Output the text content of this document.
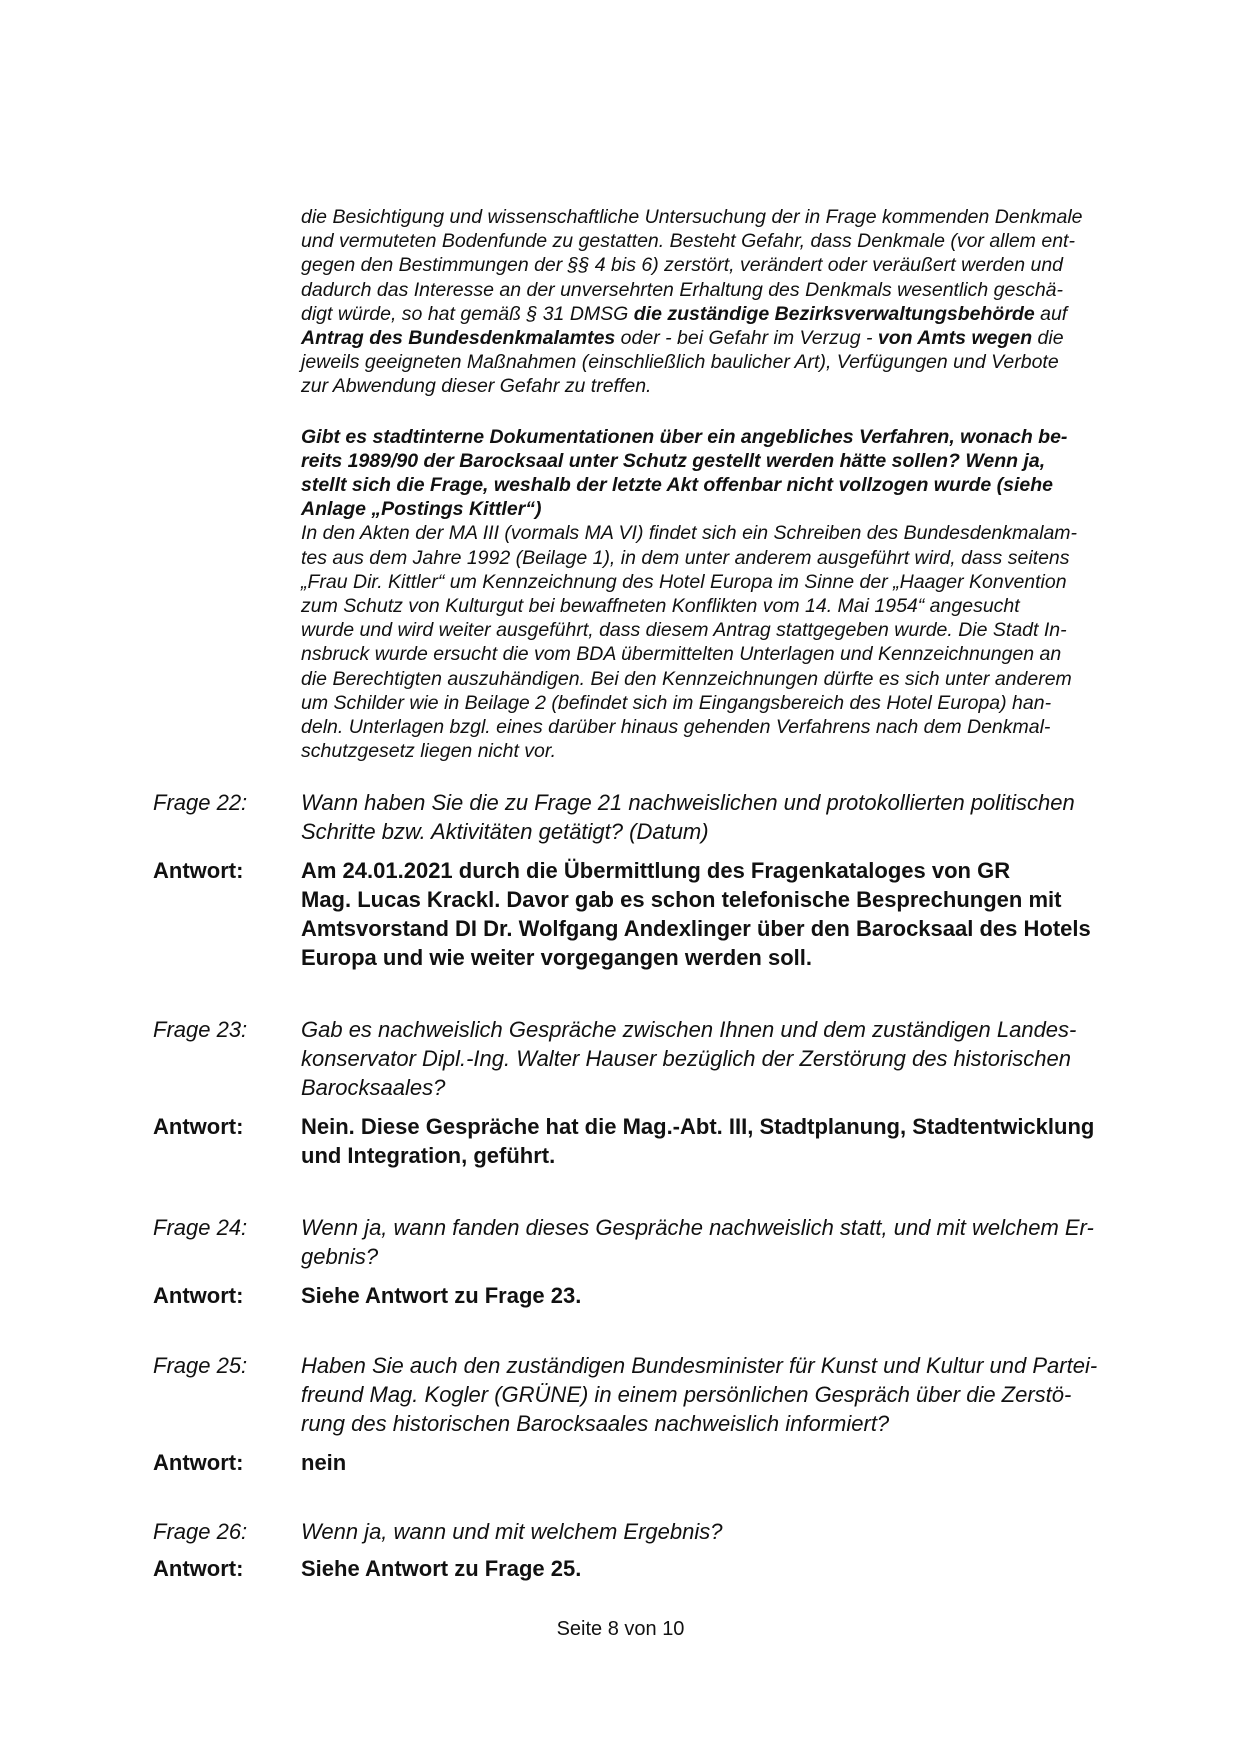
die Besichtigung und wissenschaftliche Untersuchung der in Frage kommenden Denkmale

und vermuteten Bodenfunde zu gestatten. Besteht Gefahr, dass Denkmale (vor allem ent-

gegen den Bestimmungen der §§ 4 bis 6) zerstört, verändert oder veräußert werden und

dadurch das Interesse an der unversehrten Erhaltung des Denkmals wesentlich geschä-

digt würde, so hat gemäß § 31 DMSG die zuständige Bezirksverwaltungsbehörde auf

Antrag des Bundesdenkmalamtes oder - bei Gefahr im Verzug - von Amts wegen die

jeweils geeigneten Maßnahmen (einschließlich baulicher Art), Verfügungen und Verbote

zur Abwendung dieser Gefahr zu treffen.

Gibt es stadtinterne Dokumentationen über ein angebliches Verfahren, wonach be-

reits 1989/90 der Barocksaal unter Schutz gestellt werden hätte sollen? Wenn ja,

stellt sich die Frage, weshalb der letzte Akt offenbar nicht vollzogen wurde (siehe

Anlage „Postings Kittler“)

In den Akten der MA III (vormals MA VI) findet sich ein Schreiben des Bundesdenkmalam-

tes aus dem Jahre 1992 (Beilage 1), in dem unter anderem ausgeführt wird, dass seitens

„Frau Dir. Kittler“ um Kennzeichnung des Hotel Europa im Sinne der „Haager Konvention

zum Schutz von Kulturgut bei bewaffneten Konflikten vom 14. Mai 1954“ angesucht

wurde und wird weiter ausgeführt, dass diesem Antrag stattgegeben wurde. Die Stadt In-

nsbruck wurde ersucht die vom BDA übermittelten Unterlagen und Kennzeichnungen an

die Berechtigten auszuhändigen. Bei den Kennzeichnungen dürfte es sich unter anderem

um Schilder wie in Beilage 2 (befindet sich im Eingangsbereich des Hotel Europa) han-

deln. Unterlagen bzgl. eines darüber hinaus gehenden Verfahrens nach dem Denkmal-

schutzgesetz liegen nicht vor.

Frage 22:	Wann haben Sie die zu Frage 21 nachweislichen und protokollierten politischen
Schritte bzw. Aktivitäten getätigt? (Datum)
Antwort:	Am 24.01.2021 durch die Übermittlung des Fragenkataloges von GR
Mag. Lucas Krackl. Davor gab es schon telefonische Besprechungen mit
Amtsvorstand DI Dr. Wolfgang Andexlinger über den Barocksaal des Hotels
Europa und wie weiter vorgegangen werden soll.
Frage 23:	Gab es nachweislich Gespräche zwischen Ihnen und dem zuständigen Landes-
konservator Dipl.-Ing. Walter Hauser bezüglich der Zerstörung des historischen
Barocksaales?
Antwort:	Nein. Diese Gespräche hat die Mag.-Abt. III, Stadtplanung, Stadtentwicklung
und Integration, geführt.
Frage 24:	Wenn ja, wann fanden dieses Gespräche nachweislich statt, und mit welchem Er-
gebnis?
Antwort:	Siehe Antwort zu Frage 23.
Frage 25:	Haben Sie auch den zuständigen Bundesminister für Kunst und Kultur und Partei-
freund Mag. Kogler (GRÜNE) in einem persönlichen Gespräch über die Zerstö-
rung des historischen Barocksaales nachweislich informiert?
Antwort:	nein
Frage 26:	Wenn ja, wann und mit welchem Ergebnis?
Antwort:	Siehe Antwort zu Frage 25.
Seite 8 von 10
